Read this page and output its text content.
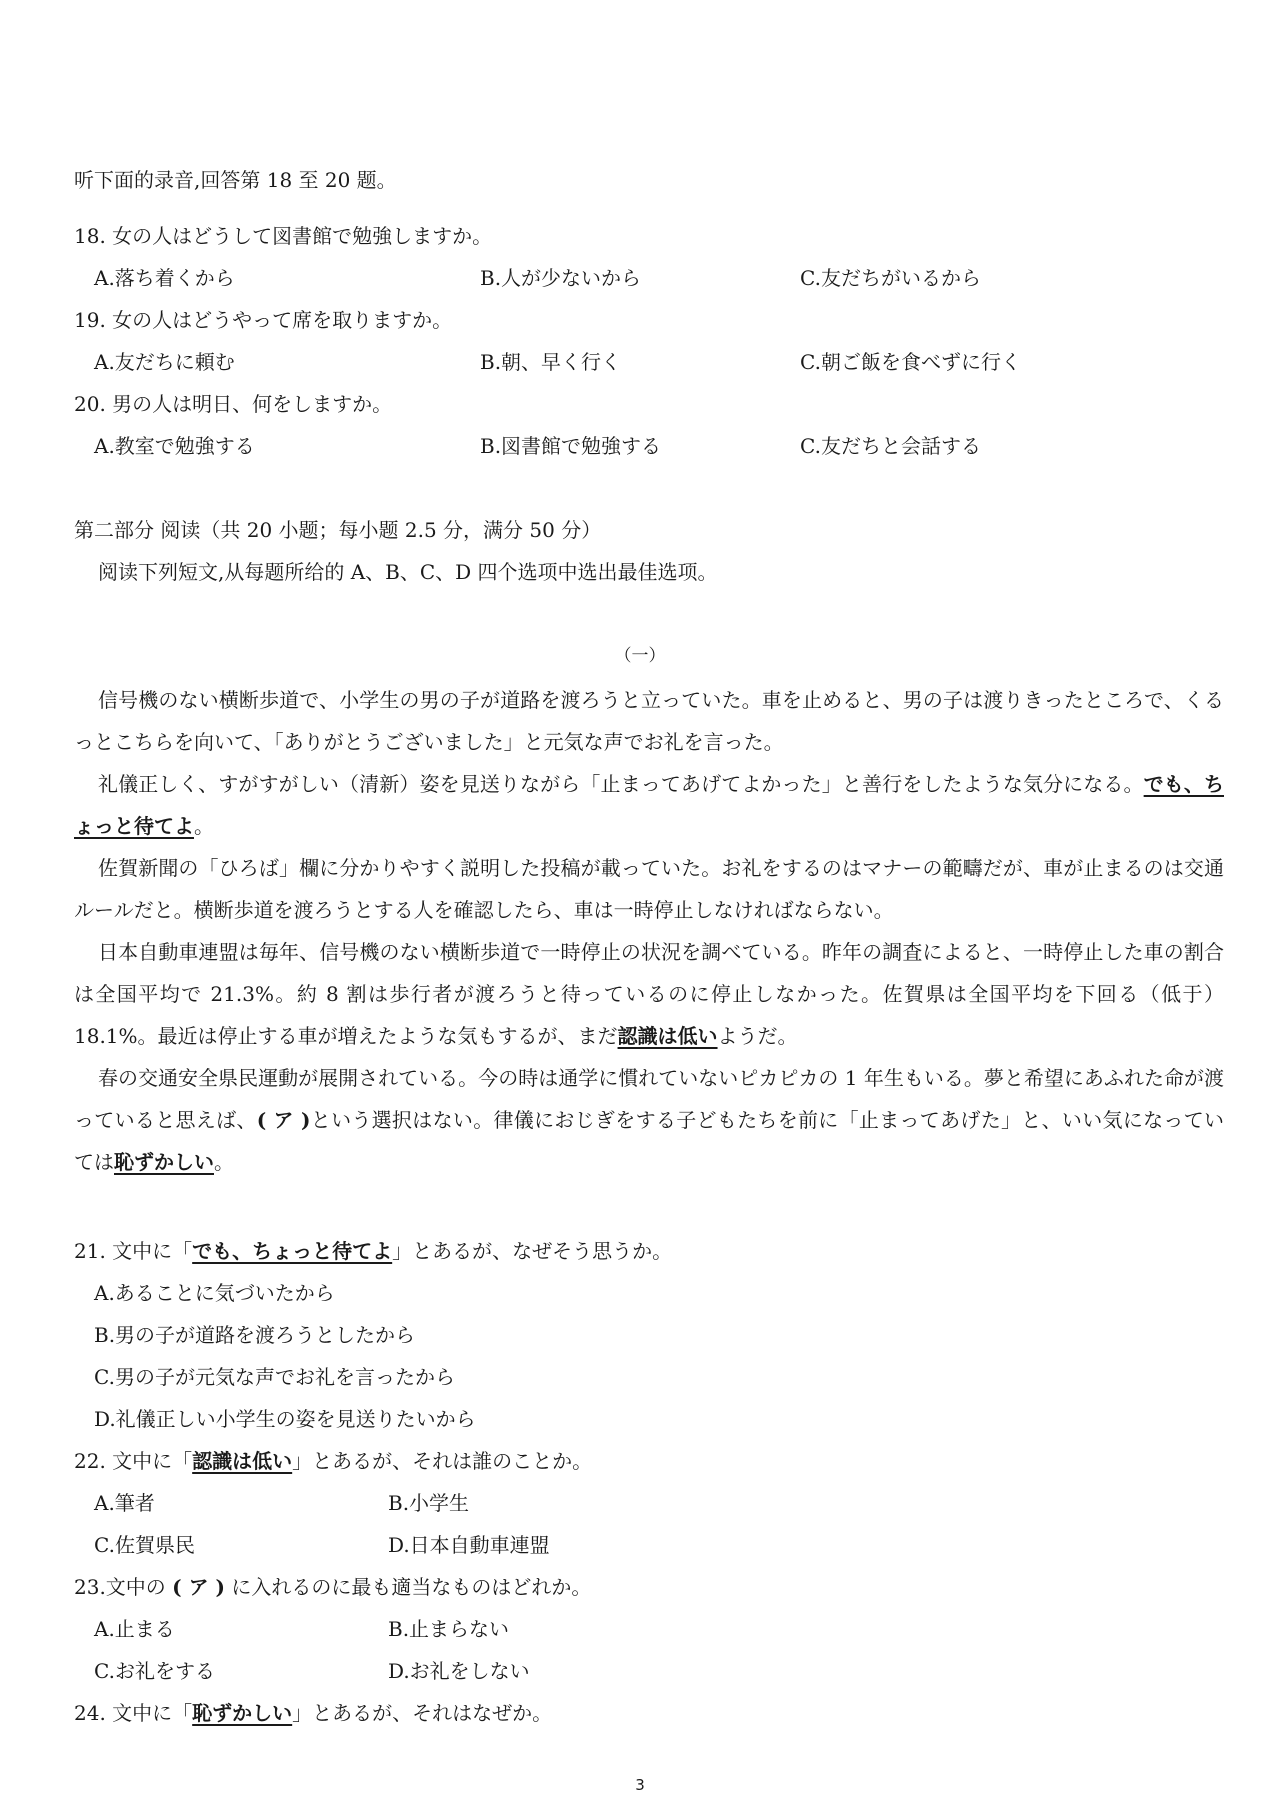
听下面的录音,回答第 18 至 20 题。
18. 女の人はどうして図書館で勉強しますか。
A.落ち着くから	B.人が少ないから	C.友だちがいるから
19. 女の人はどうやって席を取りますか。
A.友だちに頼む	B.朝、早く行く	C.朝ご飯を食べずに行く
20. 男の人は明日、何をしますか。
A.教室で勉強する	B.図書館で勉強する	C.友だちと会話する
第二部分 阅读（共 20 小题；每小题 2.5 分，满分 50 分）
阅读下列短文,从每题所给的 A、B、C、D 四个选项中选出最佳选项。
（一）

信号機のない横断歩道で、小学生の男の子が道路を渡ろうと立っていた。車を止めると、男の子は渡りきったところで、くるっとこちらを向いて、「ありがとうございました」と元気な声でお礼を言った。

礼儀正しく、すがすがしい（清新）姿を見送りながら「止まってあげてよかった」と善行をしたような気分になる。でも、ちょっと待てよ。

佐賀新聞の「ひろば」欄に分かりやすく説明した投稿が載っていた。お礼をするのはマナーの範疇だが、車が止まるのは交通ルールだと。横断歩道を渡ろうとする人を確認したら、車は一時停止しなければならない。

日本自動車連盟は毎年、信号機のない横断歩道で一時停止の状況を調べている。昨年の調査によると、一時停止した車の割合は全国平均で 21.3%。約 8 割は歩行者が渡ろうと待っているのに停止しなかった。佐賀県は全国平均を下回る（低于） 18.1%。最近は停止する車が増えたような気もするが、まだ認識は低いようだ。

春の交通安全県民運動が展開されている。今の時は通学に慣れていないピカピカの 1 年生もいる。夢と希望にあふれた命が渡っていると思えば、( ア )という選択はない。律儀におじぎをする子どもたちを前に「止まってあげた」と、いい気になっていては恥ずかしい。

21. 文中に「でも、ちょっと待てよ」とあるが、なぜそう思うか。
A.あることに気づいたから
B.男の子が道路を渡ろうとしたから
C.男の子が元気な声でお礼を言ったから
D.礼儀正しい小学生の姿を見送りたいから
22. 文中に「認識は低い」とあるが、それは誰のことか。
A.筆者	B.小学生
C.佐賀県民	D.日本自動車連盟
23.文中の ( ア ) に入れるのに最も適当なものはどれか。
A.止まる	B.止まらない
C.お礼をする	D.お礼をしない
24. 文中に「恥ずかしい」とあるが、それはなぜか。
3
